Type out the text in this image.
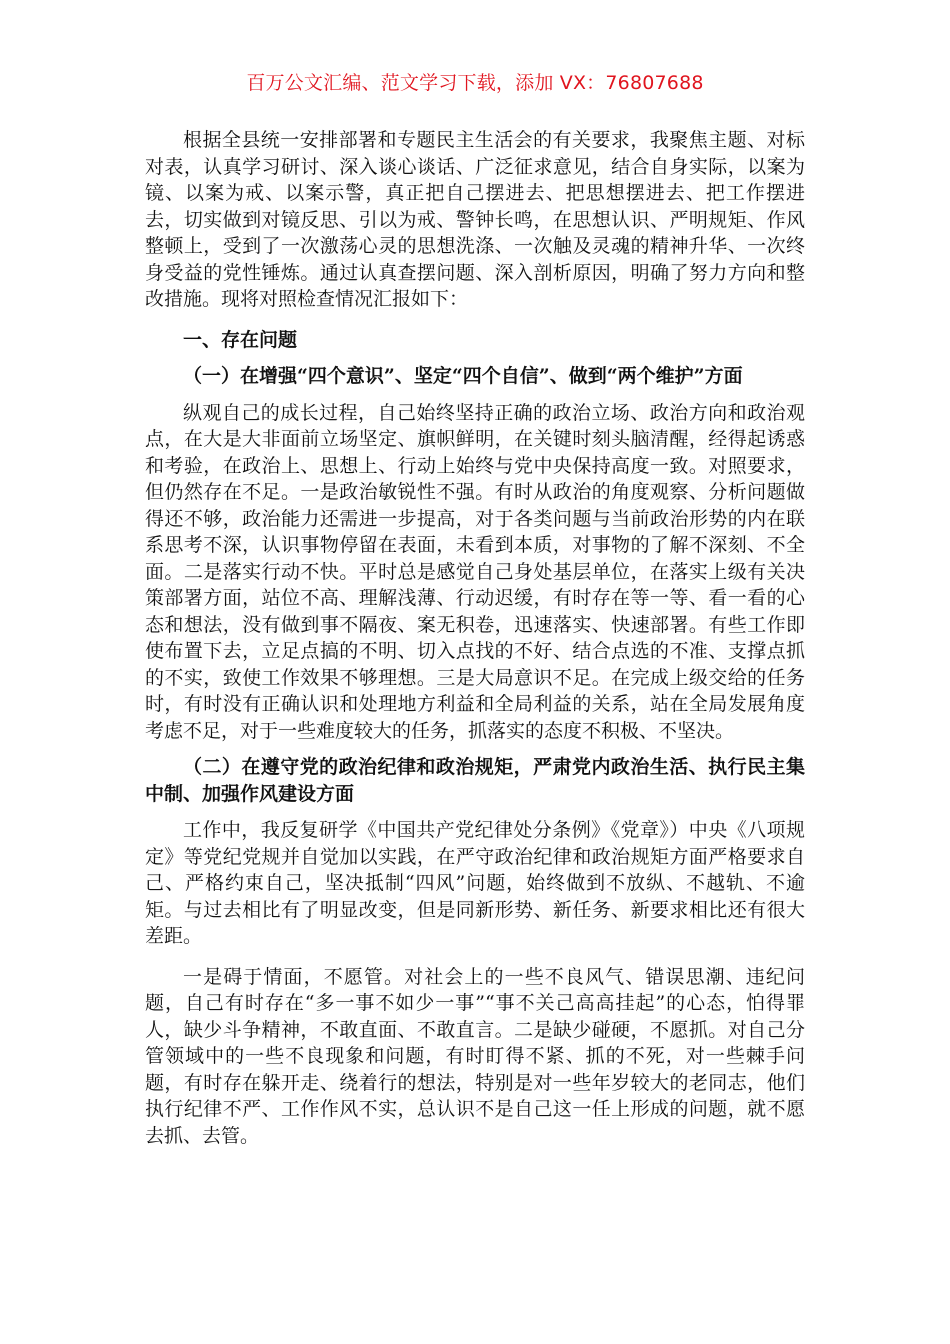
百万公文汇编、范文学习下载，添加 VX：76807688

根据全县统一安排部署和专题民主生活会的有关要求，我聚焦主题、对标对表，认真学习研讨、深入谈心谈话、广泛征求意见，结合自身实际，以案为镜、以案为戒、以案示警，真正把自己摆进去、把思想摆进去、把工作摆进去，切实做到对镜反思、引以为戒、警钟长鸣，在思想认识、严明规矩、作风整顿上，受到了一次激荡心灵的思想洗涤、一次触及灵魂的精神升华、一次终身受益的党性锤炼。通过认真查摆问题、深入剖析原因，明确了努力方向和整改措施。现将对照检查情况汇报如下：

一、存在问题

（一）在增强“四个意识”、坚定“四个自信”、做到“两个维护”方面

纵观自己的成长过程，自己始终坚持正确的政治立场、政治方向和政治观点，在大是大非面前立场坚定、旗帜鲜明，在关键时刻头脑清醒，经得起诱惑和考验，在政治上、思想上、行动上始终与党中央保持高度一致。对照要求，但仍然存在不足。一是政治敏锐性不强。有时从政治的角度观察、分析问题做得还不够，政治能力还需进一步提高，对于各类问题与当前政治形势的内在联系思考不深，认识事物停留在表面，未看到本质，对事物的了解不深刻、不全面。二是落实行动不快。平时总是感觉自己身处基层单位，在落实上级有关决策部署方面，站位不高、理解浅薄、行动迟缓，有时存在等一等、看一看的心态和想法，没有做到事不隔夜、案无积卷，迅速落实、快速部署。有些工作即使布置下去，立足点搞的不明、切入点找的不好、结合点选的不准、支撑点抓的不实，致使工作效果不够理想。三是大局意识不足。在完成上级交给的任务时，有时没有正确认识和处理地方利益和全局利益的关系，站在全局发展角度考虑不足，对于一些难度较大的任务，抓落实的态度不积极、不坚决。

（二）在遵守党的政治纪律和政治规矩，严肃党内政治生活、执行民主集中制、加强作风建设方面

工作中，我反复研学《中国共产党纪律处分条例》《党章》）中央《八项规定》等党纪党规并自觉加以实践，在严守政治纪律和政治规矩方面严格要求自己、严格约束自己，坚决抵制“四风”问题，始终做到不放纵、不越轨、不逾矩。与过去相比有了明显改变，但是同新形势、新任务、新要求相比还有很大差距。

一是碍于情面，不愿管。对社会上的一些不良风气、错误思潮、违纪问题，自己有时存在“多一事不如少一事”“事不关己高高挂起”的心态，怕得罪人，缺少斗争精神，不敢直面、不敢直言。二是缺少碰硬，不愿抓。对自己分管领域中的一些不良现象和问题，有时盯得不紧、抓的不死，对一些棘手问题，有时存在躲开走、绕着行的想法，特别是对一些年岁较大的老同志，他们执行纪律不严、工作作风不实，总认识不是自己这一任上形成的问题，就不愿去抓、去管。
